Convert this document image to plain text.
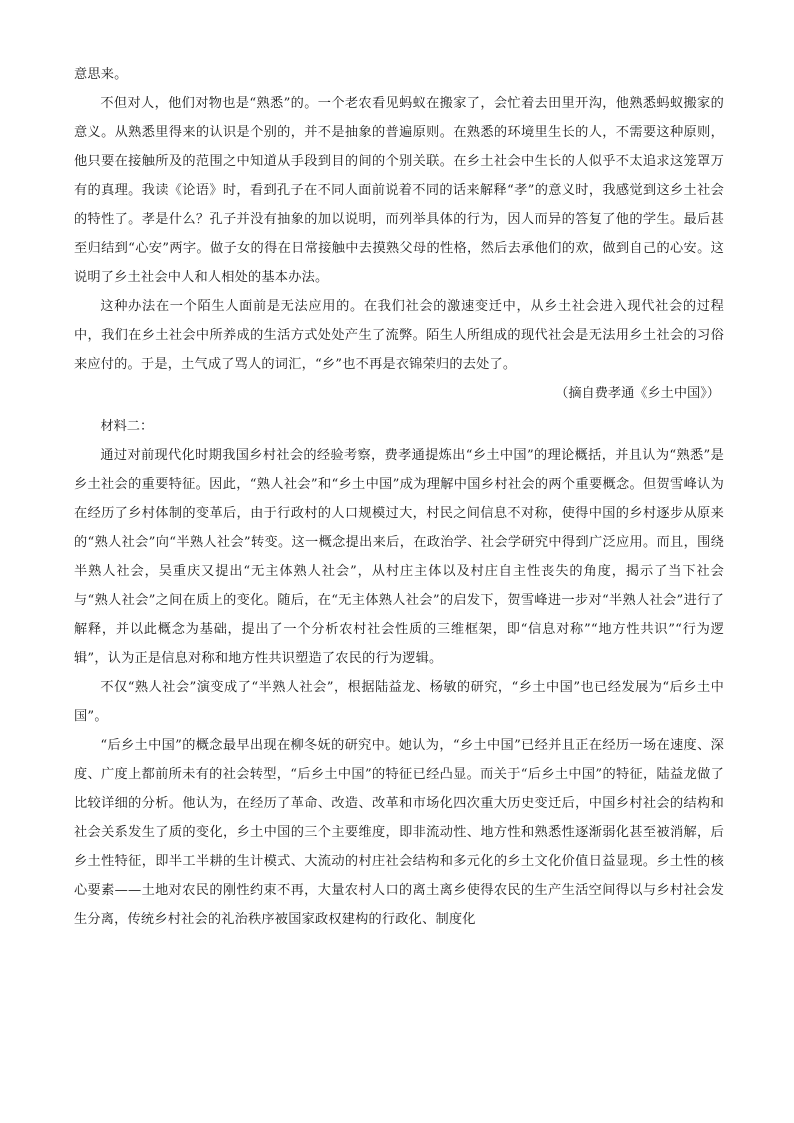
意思来。

不但对人，他们对物也是“熟悉”的。一个老农看见蚂蚁在搬家了，会忙着去田里开沟，他熟悉蚂蚁搬家的意义。从熟悉里得来的认识是个别的，并不是抽象的普遍原则。在熟悉的环境里生长的人，不需要这种原则，他只要在接触所及的范围之中知道从手段到目的间的个别关联。在乡土社会中生长的人似乎不太追求这笼罩万有的真理。我读《论语》时，看到孔子在不同人面前说着不同的话来解释“孝”的意义时，我感觉到这乡土社会的特性了。孝是什么？孔子并没有抽象的加以说明，而列举具体的行为，因人而异的答复了他的学生。最后甚至归结到“心安”两字。做子女的得在日常接触中去摸熟父母的性格，然后去承他们的欢，做到自己的心安。这说明了乡土社会中人和人相处的基本办法。

这种办法在一个陌生人面前是无法应用的。在我们社会的激速变迁中，从乡土社会进入现代社会的过程中，我们在乡土社会中所养成的生活方式处处产生了流弊。陌生人所组成的现代社会是无法用乡土社会的习俗来应付的。于是，土气成了骂人的词汇，“乡”也不再是衣锦荣归的去处了。

（摘自费孝通《乡土中国》）

材料二：

通过对前现代化时期我国乡村社会的经验考察，费孝通提炼出“乡土中国”的理论概括，并且认为“熟悉”是乡土社会的重要特征。因此，“熟人社会”和“乡土中国”成为理解中国乡村社会的两个重要概念。但贺雪峰认为在经历了乡村体制的变革后，由于行政村的人口规模过大，村民之间信息不对称，使得中国的乡村逐步从原来的“熟人社会”向“半熟人社会”转变。这一概念提出来后，在政治学、社会学研究中得到广泛应用。而且，围绕半熟人社会，吴重庆又提出“无主体熟人社会”，从村庄主体以及村庄自主性丧失的角度，揭示了当下社会与“熟人社会”之间在质上的变化。随后，在“无主体熟人社会”的启发下，贺雪峰进一步对“半熟人社会”进行了解释，并以此概念为基础，提出了一个分析农村社会性质的三维框架，即“信息对称”“地方性共识”“行为逻辑”，认为正是信息对称和地方性共识塑造了农民的行为逻辑。

不仅“熟人社会”演变成了“半熟人社会”，根据陆益龙、杨敏的研究，“乡土中国”也已经发展为“后乡土中国”。

“后乡土中国”的概念最早出现在柳冬妩的研究中。她认为，“乡土中国”已经并且正在经历一场在速度、深度、广度上都前所未有的社会转型，“后乡土中国”的特征已经凸显。而关于“后乡土中国”的特征，陆益龙做了比较详细的分析。他认为，在经历了革命、改造、改革和市场化四次重大历史变迁后，中国乡村社会的结构和社会关系发生了质的变化，乡土中国的三个主要维度，即非流动性、地方性和熟悉性逐渐弱化甚至被消解，后乡土性特征，即半工半耕的生计模式、大流动的村庄社会结构和多元化的乡土文化价值日益显现。乡土性的核心要素——土地对农民的刚性约束不再，大量农村人口的离土离乡使得农民的生产生活空间得以与乡村社会发生分离，传统乡村社会的礼治秩序被国家政权建构的行政化、制度化
